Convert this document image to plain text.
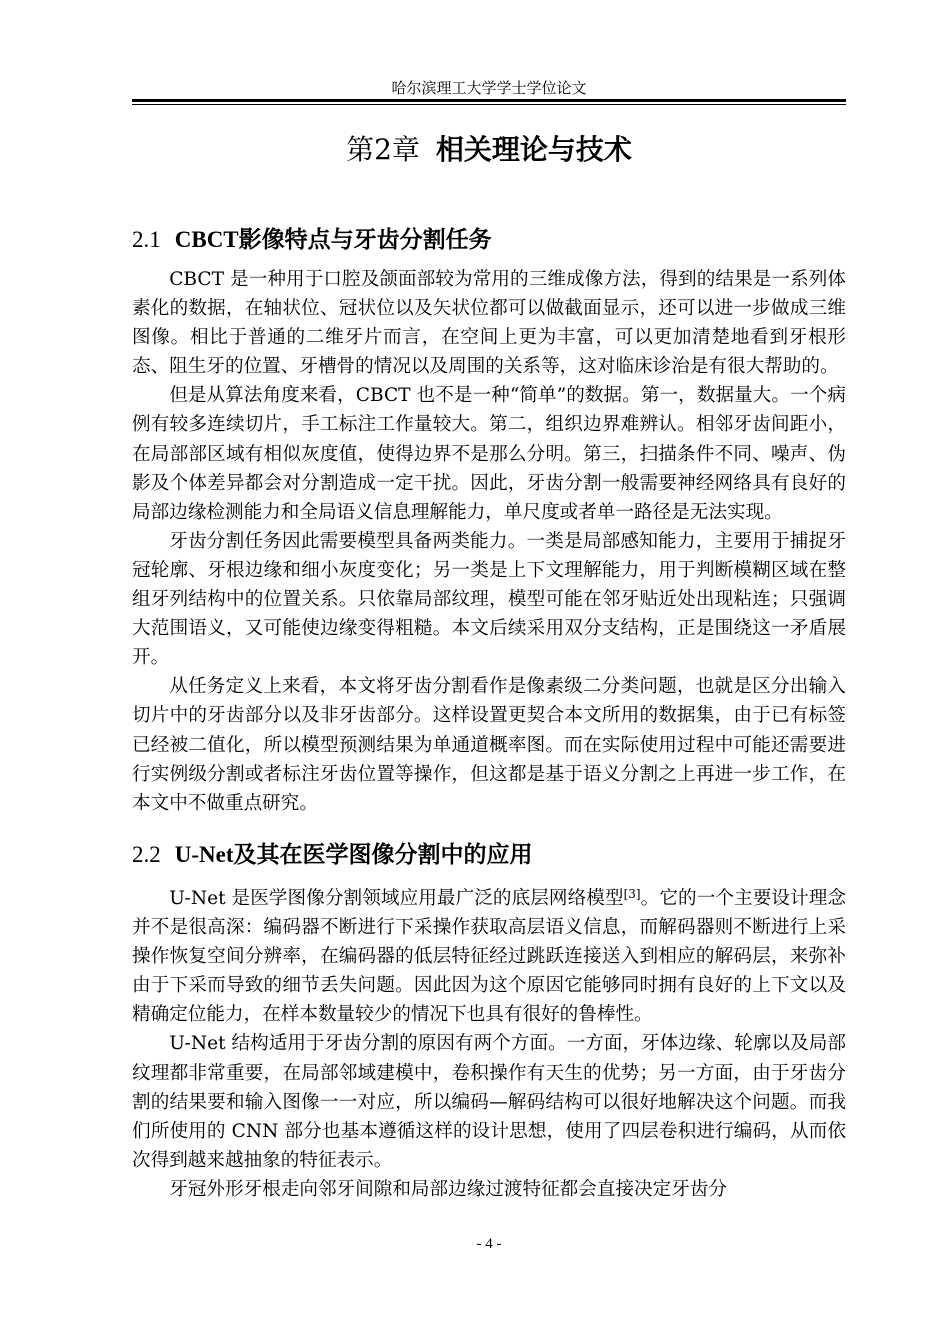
哈尔滨理工大学学士学位论文
第2章 相关理论与技术
2.1 CBCT影像特点与牙齿分割任务

CBCT 是一种用于口腔及颌面部较为常用的三维成像方法，得到的结果是一系列体素化的数据，在轴状位、冠状位以及矢状位都可以做截面显示，还可以进一步做成三维图像。相比于普通的二维牙片而言，在空间上更为丰富，可以更加清楚地看到牙根形态、阻生牙的位置、牙槽骨的情况以及周围的关系等，这对临床诊治是有很大帮助的。

但是从算法角度来看，CBCT 也不是一种“简单”的数据。第一，数据量大。一个病例有较多连续切片，手工标注工作量较大。第二，组织边界难辨认。相邻牙齿间距小，在局部部区域有相似灰度值，使得边界不是那么分明。第三，扫描条件不同、噪声、伪影及个体差异都会对分割造成一定干扰。因此，牙齿分割一般需要神经网络具有良好的局部边缘检测能力和全局语义信息理解能力，单尺度或者单一路径是无法实现。

牙齿分割任务因此需要模型具备两类能力。一类是局部感知能力，主要用于捕捉牙冠轮廓、牙根边缘和细小灰度变化；另一类是上下文理解能力，用于判断模糊区域在整组牙列结构中的位置关系。只依靠局部纹理，模型可能在邻牙贴近处出现粘连；只强调大范围语义，又可能使边缘变得粗糙。本文后续采用双分支结构，正是围绕这一矛盾展开。

从任务定义上来看，本文将牙齿分割看作是像素级二分类问题，也就是区分出输入切片中的牙齿部分以及非牙齿部分。这样设置更契合本文所用的数据集，由于已有标签已经被二值化，所以模型预测结果为单通道概率图。而在实际使用过程中可能还需要进行实例级分割或者标注牙齿位置等操作，但这都是基于语义分割之上再进一步工作，在本文中不做重点研究。

2.2 U-Net及其在医学图像分割中的应用

U-Net 是医学图像分割领域应用最广泛的底层网络模型[3]。它的一个主要设计理念并不是很高深：编码器不断进行下采操作获取高层语义信息，而解码器则不断进行上采操作恢复空间分辨率，在编码器的低层特征经过跳跃连接送入到相应的解码层，来弥补由于下采而导致的细节丢失问题。因此因为这个原因它能够同时拥有良好的上下文以及精确定位能力，在样本数量较少的情况下也具有很好的鲁棒性。

U-Net 结构适用于牙齿分割的原因有两个方面。一方面，牙体边缘、轮廓以及局部纹理都非常重要，在局部邻域建模中，卷积操作有天生的优势；另一方面，由于牙齿分割的结果要和输入图像一一对应，所以编码—解码结构可以很好地解决这个问题。而我们所使用的 CNN 部分也基本遵循这样的设计思想，使用了四层卷积进行编码，从而依次得到越来越抽象的特征表示。

牙冠外形牙根走向邻牙间隙和局部边缘过渡特征都会直接决定牙齿分

- 4 -
